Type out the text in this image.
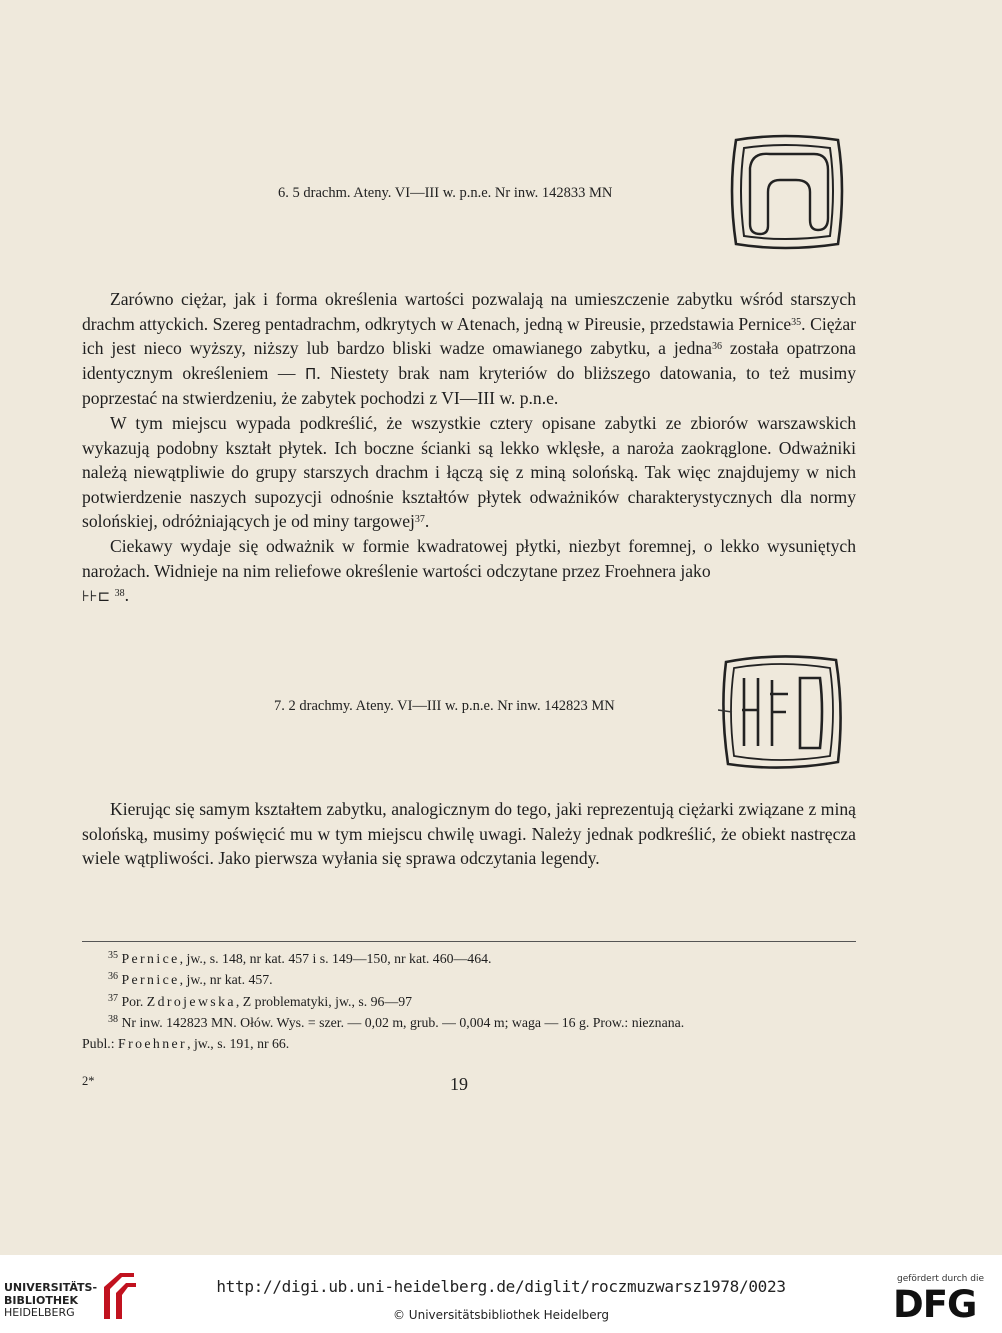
6. 5 drachm. Ateny. VI—III w. p.n.e. Nr inw. 142833 MN

Zarówno ciężar, jak i forma określenia wartości pozwalają na umieszczenie zabytku wśród starszych drachm attyckich. Szereg pentadrachm, odkrytych w Atenach, jedną w Pireusie, przedstawia Pernice$^{35}$. Ciężar ich jest nieco wyższy, niższy lub bardzo bliski wadze omawianego zabytku, a jedna$^{36}$ została opatrzona identycznym określeniem — Π. Niestety brak nam kryteriów do bliższego datowania, to też musimy poprzestać na stwierdzeniu, że zabytek pochodzi z VI—III w. p.n.e.

W tym miejscu wypada podkreślić, że wszystkie cztery opisane zabytki ze zbiorów warszawskich wykazują podobny kształt płytek. Ich boczne ścianki są lekko wklęsłe, a naroża zaokrąglone. Odważniki należą niewątpliwie do grupy starszych drachm i łączą się z miną solońską. Tak więc znajdujemy w nich potwierdzenie naszych supozycji odnośnie kształtów płytek odważników charakterystycznych dla normy solońskiej, odróżniających je od miny targowej$^{37}$.

Ciekawy wydaje się odważnik w formie kwadratowej płytki, niezbyt foremnej, o lekko wysuniętych narożach. Widnieje na nim reliefowe określenie wartości odczytane przez Froehnera jako

⊦⊦⊏ $^{38}$.

7. 2 drachmy. Ateny. VI—III w. p.n.e. Nr inw. 142823 MN

Kierując się samym kształtem zabytku, analogicznym do tego, jaki reprezentują ciężarki związane z miną solońską, musimy poświęcić mu w tym miejscu chwilę uwagi. Należy jednak podkreślić, że obiekt nastręcza wiele wątpliwości. Jako pierwsza wyłania się sprawa odczytania legendy.

$^{35}$ Pernice, jw., s. 148, nr kat. 457 i s. 149—150, nr kat. 460—464.
$^{36}$ Pernice, jw., nr kat. 457.
$^{37}$ Por. Zdrojewska, Z problematyki, jw., s. 96—97
$^{38}$ Nr inw. 142823 MN. Ołów. Wys. = szer. — 0,02 m, grub. — 0,004 m; waga — 16 g. Prow.: nieznana.
Publ.: Froehner, jw., s. 191, nr 66.
2*	19
UNIVERSITÄTS-
BIBLIOTHEK
HEIDELBERG
http://digi.ub.uni-heidelberg.de/diglit/roczmuzwarsz1978/0023
© Universitätsbibliothek Heidelberg
gefördert durch die
DFG
